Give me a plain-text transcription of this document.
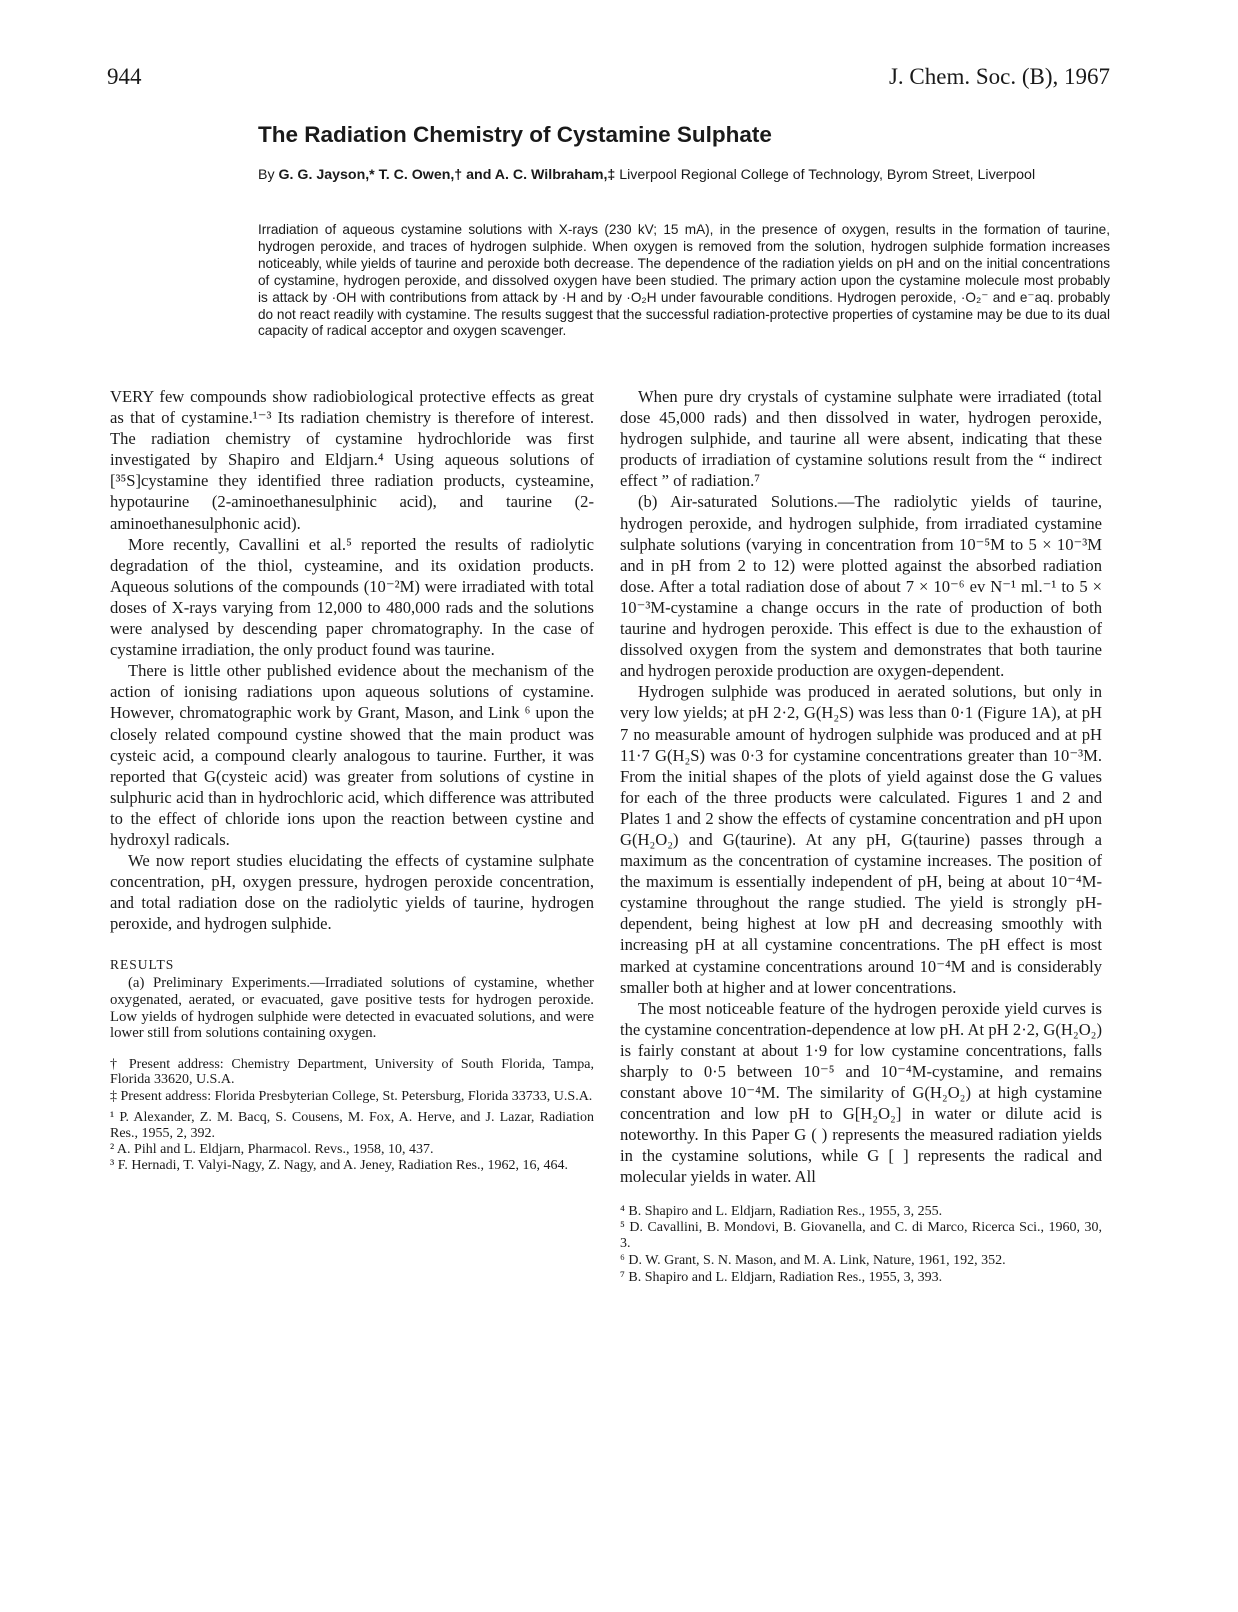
944	J. Chem. Soc. (B), 1967
The Radiation Chemistry of Cystamine Sulphate
By G. G. Jayson,* T. C. Owen,† and A. C. Wilbraham,‡ Liverpool Regional College of Technology, Byrom Street, Liverpool
Irradiation of aqueous cystamine solutions with X-rays (230 kV; 15 mA), in the presence of oxygen, results in the formation of taurine, hydrogen peroxide, and traces of hydrogen sulphide. When oxygen is removed from the solution, hydrogen sulphide formation increases noticeably, while yields of taurine and peroxide both decrease. The dependence of the radiation yields on pH and on the initial concentrations of cystamine, hydrogen peroxide, and dissolved oxygen have been studied. The primary action upon the cystamine molecule most probably is attack by ·OH with contributions from attack by ·H and by ·O₂H under favourable conditions. Hydrogen peroxide, ·O₂⁻ and e⁻aq. probably do not react readily with cystamine. The results suggest that the successful radiation-protective properties of cystamine may be due to its dual capacity of radical acceptor and oxygen scavenger.

VERY few compounds show radiobiological protective effects as great as that of cystamine.¹⁻³ Its radiation chemistry is therefore of interest. The radiation chemistry of cystamine hydrochloride was first investigated by Shapiro and Eldjarn.⁴ Using aqueous solutions of [³⁵S]cystamine they identified three radiation products, cysteamine, hypotaurine (2-aminoethanesulphinic acid), and taurine (2-aminoethanesulphonic acid).

More recently, Cavallini et al.⁵ reported the results of radiolytic degradation of the thiol, cysteamine, and its oxidation products. Aqueous solutions of the compounds (10⁻²M) were irradiated with total doses of X-rays varying from 12,000 to 480,000 rads and the solutions were analysed by descending paper chromatography. In the case of cystamine irradiation, the only product found was taurine.

There is little other published evidence about the mechanism of the action of ionising radiations upon aqueous solutions of cystamine. However, chromatographic work by Grant, Mason, and Link ⁶ upon the closely related compound cystine showed that the main product was cysteic acid, a compound clearly analogous to taurine. Further, it was reported that G(cysteic acid) was greater from solutions of cystine in sulphuric acid than in hydrochloric acid, which difference was attributed to the effect of chloride ions upon the reaction between cystine and hydroxyl radicals.

We now report studies elucidating the effects of cystamine sulphate concentration, pH, oxygen pressure, hydrogen peroxide concentration, and total radiation dose on the radiolytic yields of taurine, hydrogen peroxide, and hydrogen sulphide.

RESULTS

(a) Preliminary Experiments.—Irradiated solutions of cystamine, whether oxygenated, aerated, or evacuated, gave positive tests for hydrogen peroxide. Low yields of hydrogen sulphide were detected in evacuated solutions, and were lower still from solutions containing oxygen.

† Present address: Chemistry Department, University of South Florida, Tampa, Florida 33620, U.S.A.

‡ Present address: Florida Presbyterian College, St. Petersburg, Florida 33733, U.S.A.

¹ P. Alexander, Z. M. Bacq, S. Cousens, M. Fox, A. Herve, and J. Lazar, Radiation Res., 1955, 2, 392.

² A. Pihl and L. Eldjarn, Pharmacol. Revs., 1958, 10, 437.

³ F. Hernadi, T. Valyi-Nagy, Z. Nagy, and A. Jeney, Radiation Res., 1962, 16, 464.

When pure dry crystals of cystamine sulphate were irradiated (total dose 45,000 rads) and then dissolved in water, hydrogen peroxide, hydrogen sulphide, and taurine all were absent, indicating that these products of irradiation of cystamine solutions result from the “ indirect effect ” of radiation.⁷

(b) Air-saturated Solutions.—The radiolytic yields of taurine, hydrogen peroxide, and hydrogen sulphide, from irradiated cystamine sulphate solutions (varying in concentration from 10⁻⁵M to 5 × 10⁻³M and in pH from 2 to 12) were plotted against the absorbed radiation dose. After a total radiation dose of about 7 × 10⁻⁶ ev N⁻¹ ml.⁻¹ to 5 × 10⁻³M-cystamine a change occurs in the rate of production of both taurine and hydrogen peroxide. This effect is due to the exhaustion of dissolved oxygen from the system and demonstrates that both taurine and hydrogen peroxide production are oxygen-dependent.

Hydrogen sulphide was produced in aerated solutions, but only in very low yields; at pH 2·2, G(H₂S) was less than 0·1 (Figure 1A), at pH 7 no measurable amount of hydrogen sulphide was produced and at pH 11·7 G(H₂S) was 0·3 for cystamine concentrations greater than 10⁻³M. From the initial shapes of the plots of yield against dose the G values for each of the three products were calculated. Figures 1 and 2 and Plates 1 and 2 show the effects of cystamine concentration and pH upon G(H₂O₂) and G(taurine). At any pH, G(taurine) passes through a maximum as the concentration of cystamine increases. The position of the maximum is essentially independent of pH, being at about 10⁻⁴M-cystamine throughout the range studied. The yield is strongly pH-dependent, being highest at low pH and decreasing smoothly with increasing pH at all cystamine concentrations. The pH effect is most marked at cystamine concentrations around 10⁻⁴M and is considerably smaller both at higher and at lower concentrations.

The most noticeable feature of the hydrogen peroxide yield curves is the cystamine concentration-dependence at low pH. At pH 2·2, G(H₂O₂) is fairly constant at about 1·9 for low cystamine concentrations, falls sharply to 0·5 between 10⁻⁵ and 10⁻⁴M-cystamine, and remains constant above 10⁻⁴M. The similarity of G(H₂O₂) at high cystamine concentration and low pH to G[H₂O₂] in water or dilute acid is noteworthy. In this Paper G ( ) represents the measured radiation yields in the cystamine solutions, while G [ ] represents the radical and molecular yields in water. All

⁴ B. Shapiro and L. Eldjarn, Radiation Res., 1955, 3, 255.

⁵ D. Cavallini, B. Mondovi, B. Giovanella, and C. di Marco, Ricerca Sci., 1960, 30, 3.

⁶ D. W. Grant, S. N. Mason, and M. A. Link, Nature, 1961, 192, 352.

⁷ B. Shapiro and L. Eldjarn, Radiation Res., 1955, 3, 393.
